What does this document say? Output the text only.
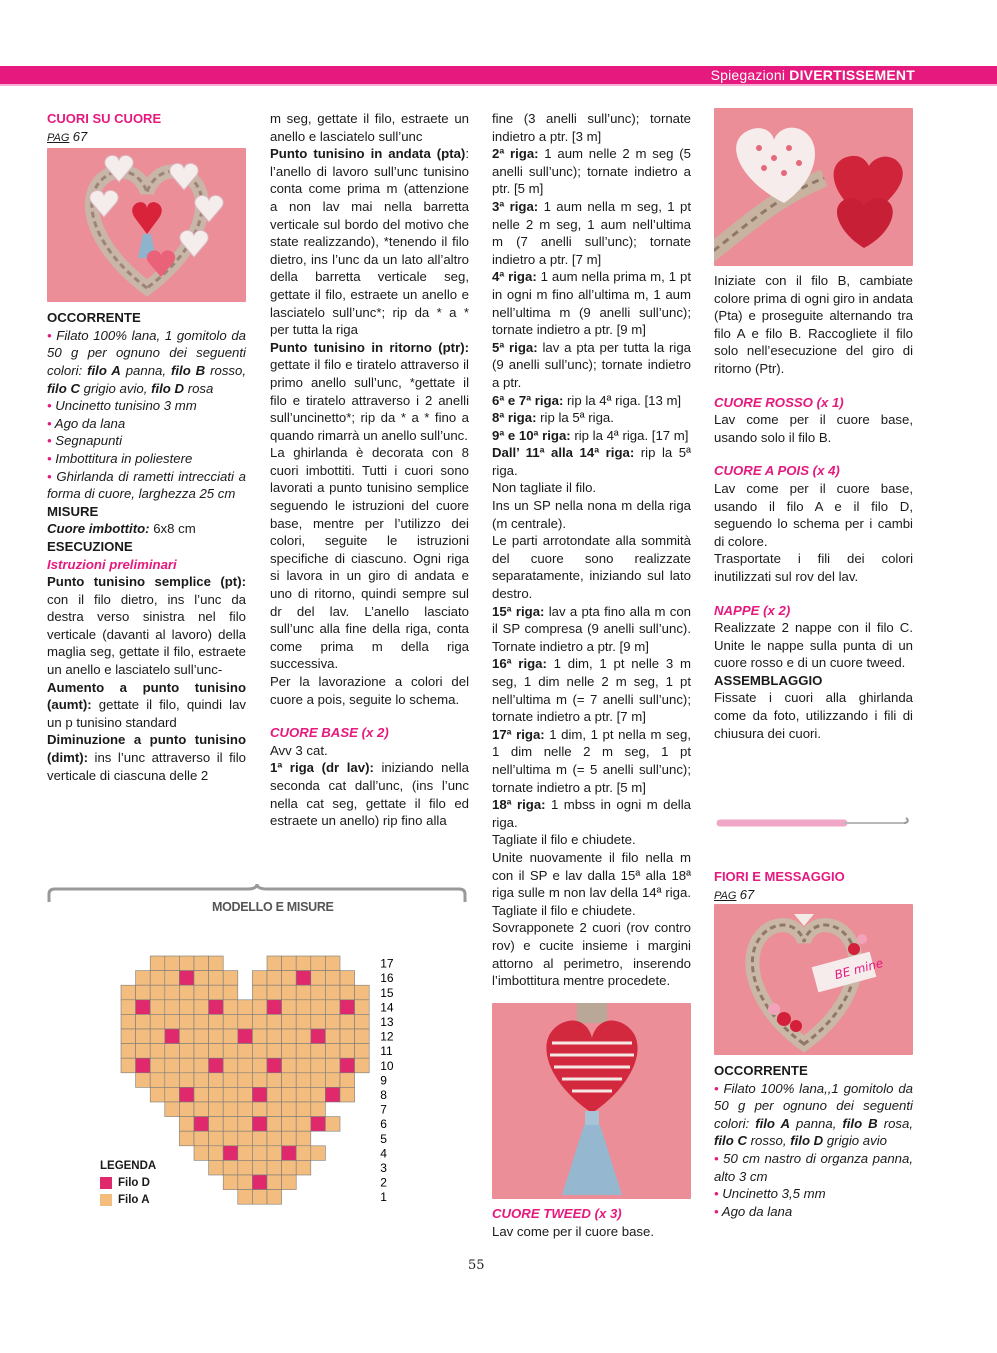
Spiegazioni DIVERTISSEMENT

CUORI SU CUORE

PAG 67

OCCORRENTE

• Filato 100% lana, 1 gomitolo da 50 g per ognuno dei seguenti colori: filo A panna, filo B rosso, filo C grigio avio, filo D rosa

• Uncinetto tunisino 3 mm

• Ago da lana

• Segnapunti

• Imbottitura in poliestere

• Ghirlanda di rametti intrecciati a forma di cuore, larghezza 25 cm

MISURE

Cuore imbottito: 6x8 cm

ESECUZIONE

Istruzioni preliminari

Punto tunisino semplice (pt): con il filo dietro, ins l’unc da destra verso sinistra nel filo verticale (davanti al lavoro) della maglia seg, gettate il filo, estraete un anello e lasciatelo sull’unc-

Aumento a punto tunisino (aumt): gettate il filo, quindi lav un p tunisino standard

Diminuzione a punto tunisino (dimt): ins l’unc attraverso il filo verticale di ciascuna delle 2

m seg, gettate il filo, estraete un anello e lasciatelo sull’unc

Punto tunisino in andata (pta): l’anello di lavoro sull’unc tunisino conta come prima m (attenzione a non lav mai nella barretta verticale sul bordo del motivo che state realizzando), *tenendo il filo dietro, ins l’unc da un lato all’altro della barretta verticale seg, gettate il filo, estraete un anello e lasciatelo sull’unc*; rip da * a * per tutta la riga

Punto tunisino in ritorno (ptr): gettate il filo e tiratelo attraverso il primo anello sull’unc, *gettate il filo e tiratelo attraverso i 2 anelli sull’uncinetto*; rip da * a * fino a quando rimarrà un anello sull’unc.

La ghirlanda è decorata con 8 cuori imbottiti. Tutti i cuori sono lavorati a punto tunisino semplice seguendo le istruzioni del cuore base, mentre per l’utilizzo dei colori, seguite le istruzioni specifiche di ciascuno. Ogni riga si lavora in un giro di andata e uno di ritorno, quindi sempre sul dr del lav. L’anello lasciato sull’unc alla fine della riga, conta come prima m della riga successiva.

Per la lavorazione a colori del cuore a pois, seguite lo schema.

CUORE BASE (x 2)

Avv 3 cat.

1ª riga (dr lav): iniziando nella seconda cat dall’unc, (ins l’unc nella cat seg, gettate il filo ed estraete un anello) rip fino alla

fine (3 anelli sull’unc); tornate indietro a ptr. [3 m]

2ª riga: 1 aum nelle 2 m seg (5 anelli sull’unc); tornate indietro a ptr. [5 m]

3ª riga: 1 aum nella m seg, 1 pt nelle 2 m seg, 1 aum nell’ultima m (7 anelli sull’unc); tornate indietro a ptr. [7 m]

4ª riga: 1 aum nella prima m, 1 pt in ogni m fino all’ultima m, 1 aum nell’ultima m (9 anelli sull’unc); tornate indietro a ptr. [9 m]

5ª riga: lav a pta per tutta la riga (9 anelli sull’unc); tornate indietro a ptr.

6ª e 7ª riga: rip la 4ª riga. [13 m]

8ª riga: rip la 5ª riga.

9ª e 10ª riga: rip la 4ª riga. [17 m]

Dall’ 11ª alla 14ª riga: rip la 5ª riga.

Non tagliate il filo.

Ins un SP nella nona m della riga (m centrale).

Le parti arrotondate alla sommità del cuore sono realizzate separatamente, iniziando sul lato destro.

15ª riga: lav a pta fino alla m con il SP compresa (9 anelli sull’unc). Tornate indietro a ptr. [9 m]

16ª riga: 1 dim, 1 pt nelle 3 m seg, 1 dim nelle 2 m seg, 1 pt nell’ultima m (= 7 anelli sull’unc); tornate indietro a ptr. [7 m]

17ª riga: 1 dim, 1 pt nella m seg, 1 dim nelle 2 m seg, 1 pt nell’ultima m (= 5 anelli sull’unc); tornate indietro a ptr. [5 m]

18ª riga: 1 mbss in ogni m della riga.

Tagliate il filo e chiudete.

Unite nuovamente il filo nella m con il SP e lav dalla 15ª alla 18ª riga sulle m non lav della 14ª riga. Tagliate il filo e chiudete.

Sovrapponete 2 cuori (rov contro rov) e cucite insieme i margini attorno al perimetro, inserendo l’imbottitura mentre procedete.

CUORE TWEED (x 3)

Lav come per il cuore base.

Iniziate con il filo B, cambiate colore prima di ogni giro in andata (Pta) e proseguite alternando tra filo A e filo B. Raccogliete il filo solo nell’esecuzione del giro di ritorno (Ptr).

CUORE ROSSO (x 1)

Lav come per il cuore base, usando solo il filo B.

CUORE A POIS (x 4)

Lav come per il cuore base, usando il filo A e il filo D, seguendo lo schema per i cambi di colore.

Trasportate i fili dei colori inutilizzati sul rov del lav.

NAPPE (x 2)

Realizzate 2 nappe con il filo C. Unite le nappe sulla punta di un cuore rosso e di un cuore tweed.

ASSEMBLAGGIO

Fissate i cuori alla ghirlanda come da foto, utilizzando i fili di chiusura dei cuori.

FIORI E MESSAGGIO

PAG 67

BE mine

OCCORRENTE

• Filato 100% lana,,1 gomitolo da 50 g per ognuno dei seguenti colori: filo A panna, filo B rosa, filo C rosso, filo D grigio avio

• 50 cm nastro di organza panna, alto 3 cm

• Uncinetto 3,5 mm

• Ago da lana

MODELLO E MISURE
17
16
15
14
13
12
11
10
9
8
7
6
5
4
3
2
1
LEGENDA
Filo D
Filo A
55
